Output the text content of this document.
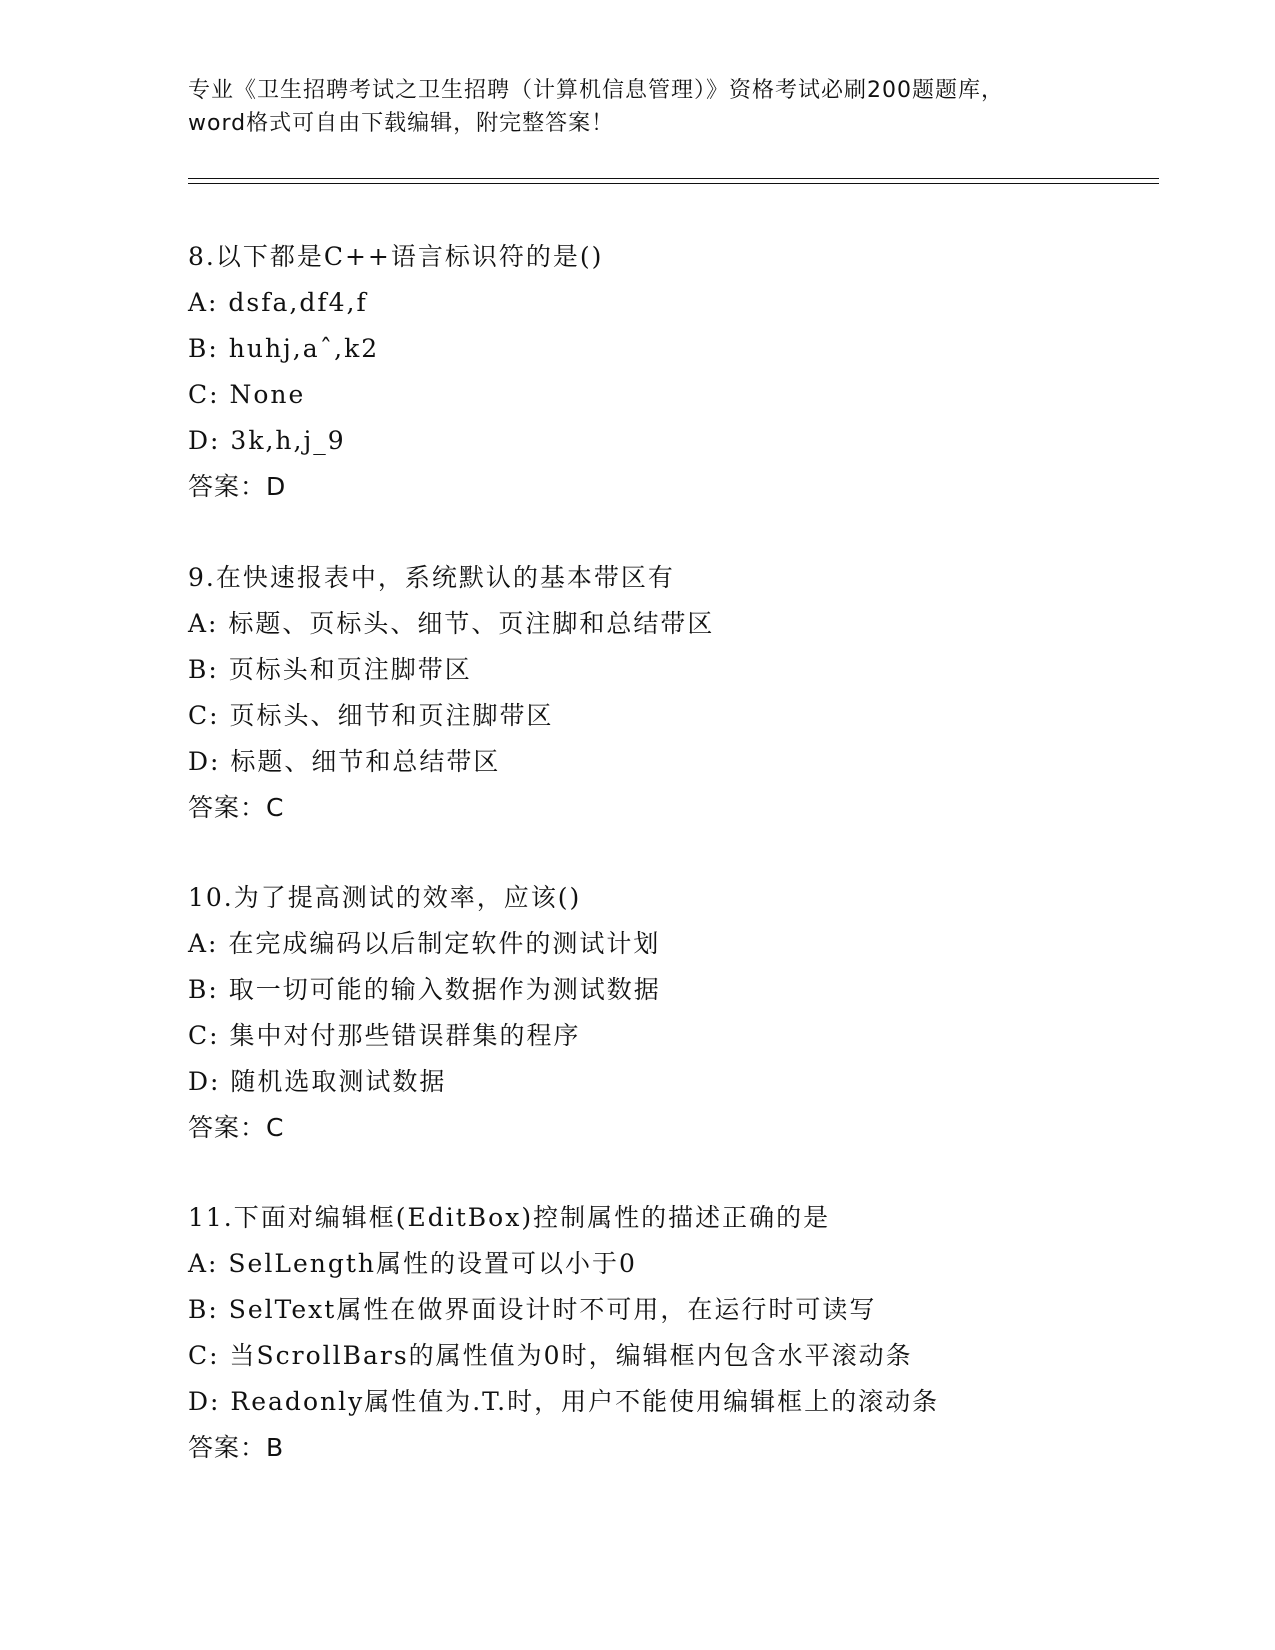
专业《卫生招聘考试之卫生招聘（计算机信息管理）》资格考试必刷200题题库，
word格式可自由下载编辑，附完整答案！
8.以下都是C++语言标识符的是()
A: dsfa,df4,f
B: huhj,aˆ,k2
C: None
D: 3k,h,j_9
答案：D
9.在快速报表中，系统默认的基本带区有
A: 标题、页标头、细节、页注脚和总结带区
B: 页标头和页注脚带区
C: 页标头、细节和页注脚带区
D: 标题、细节和总结带区
答案：C
10.为了提高测试的效率，应该()
A: 在完成编码以后制定软件的测试计划
B: 取一切可能的输入数据作为测试数据
C: 集中对付那些错误群集的程序
D: 随机选取测试数据
答案：C
11.下面对编辑框(EditBox)控制属性的描述正确的是
A: SelLength属性的设置可以小于0
B: SelText属性在做界面设计时不可用，在运行时可读写
C: 当ScrollBars的属性值为0时，编辑框内包含水平滚动条
D: Readonly属性值为.T.时，用户不能使用编辑框上的滚动条
答案：B
